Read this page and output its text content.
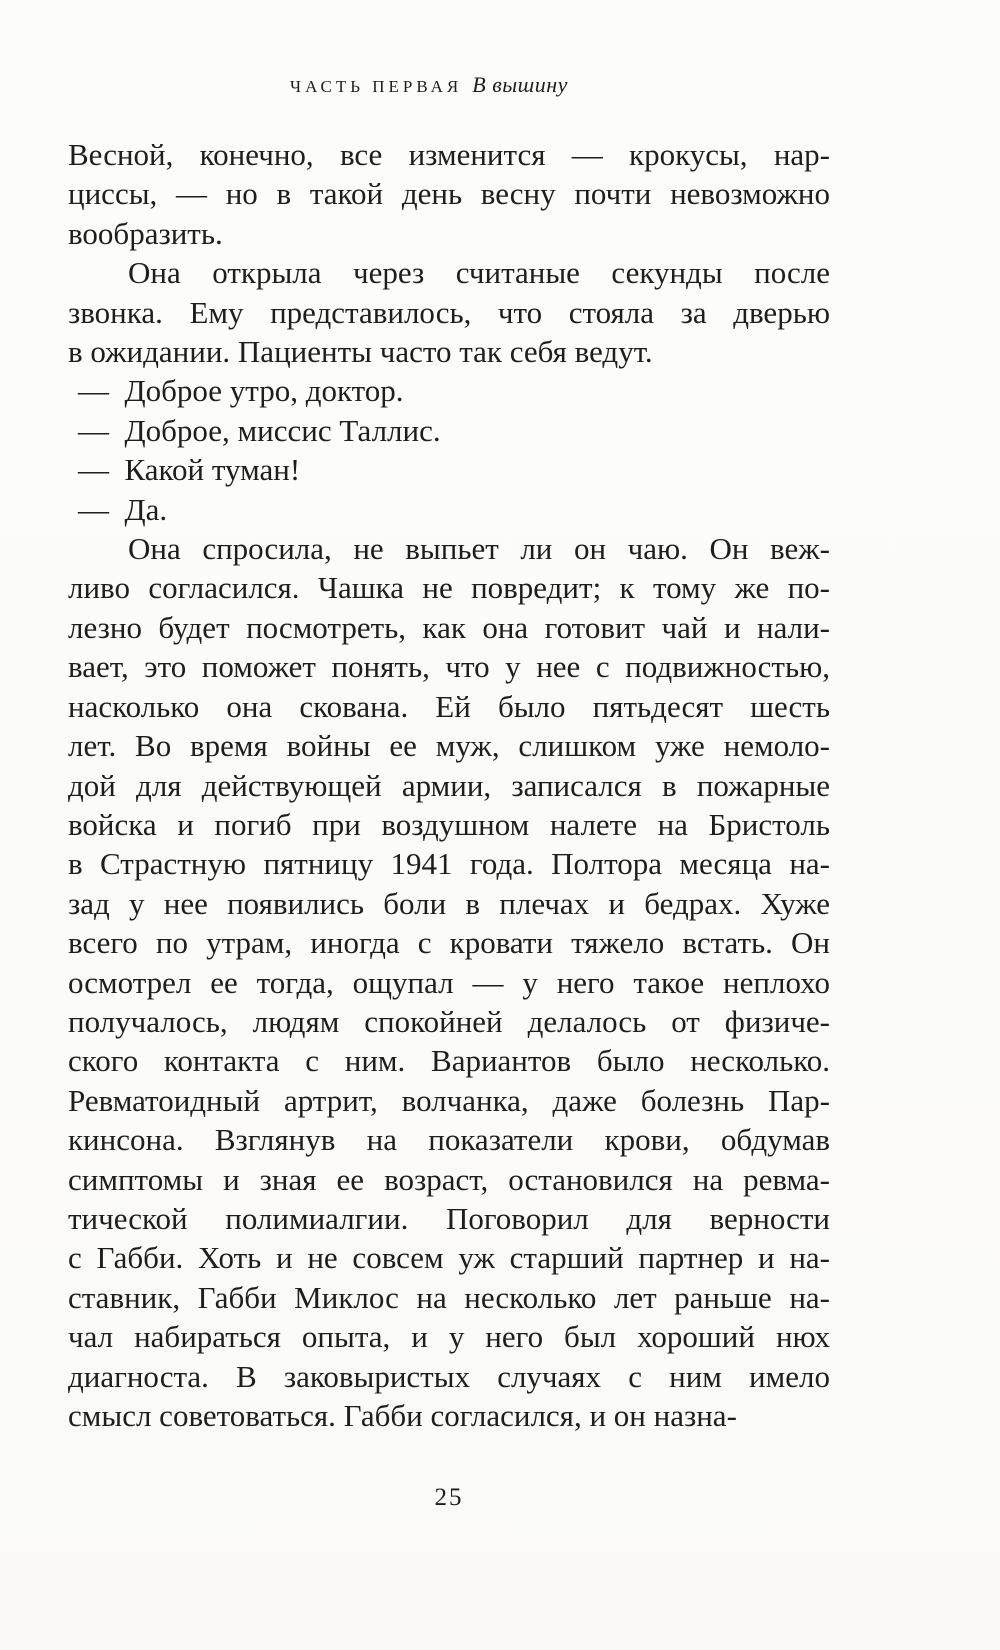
ЧАСТЬ ПЕРВАЯ В вышину
Весной, конечно, все изменится — крокусы, нар-
циссы, — но в такой день весну почти невозможно
вообразить.
Она открыла через считаные секунды после
звонка. Ему представилось, что стояла за дверью
в ожидании. Пациенты часто так себя ведут.
— Доброе утро, доктор.
— Доброе, миссис Таллис.
— Какой туман!
— Да.
Она спросила, не выпьет ли он чаю. Он веж-
ливо согласился. Чашка не повредит; к тому же по-
лезно будет посмотреть, как она готовит чай и нали-
вает, это поможет понять, что у нее с подвижностью,
насколько она скована. Ей было пятьдесят шесть
лет. Во время войны ее муж, слишком уже немоло-
дой для действующей армии, записался в пожарные
войска и погиб при воздушном налете на Бристоль
в Страстную пятницу 1941 года. Полтора месяца на-
зад у нее появились боли в плечах и бедрах. Хуже
всего по утрам, иногда с кровати тяжело встать. Он
осмотрел ее тогда, ощупал — у него такое неплохо
получалось, людям спокойней делалось от физиче-
ского контакта с ним. Вариантов было несколько.
Ревматоидный артрит, волчанка, даже болезнь Пар-
кинсона. Взглянув на показатели крови, обдумав
симптомы и зная ее возраст, остановился на ревма-
тической полимиалгии. Поговорил для верности
с Габби. Хоть и не совсем уж старший партнер и на-
ставник, Габби Миклос на несколько лет раньше на-
чал набираться опыта, и у него был хороший нюх
диагноста. В заковыристых случаях с ним имело
смысл советоваться. Габби согласился, и он назна-
25
